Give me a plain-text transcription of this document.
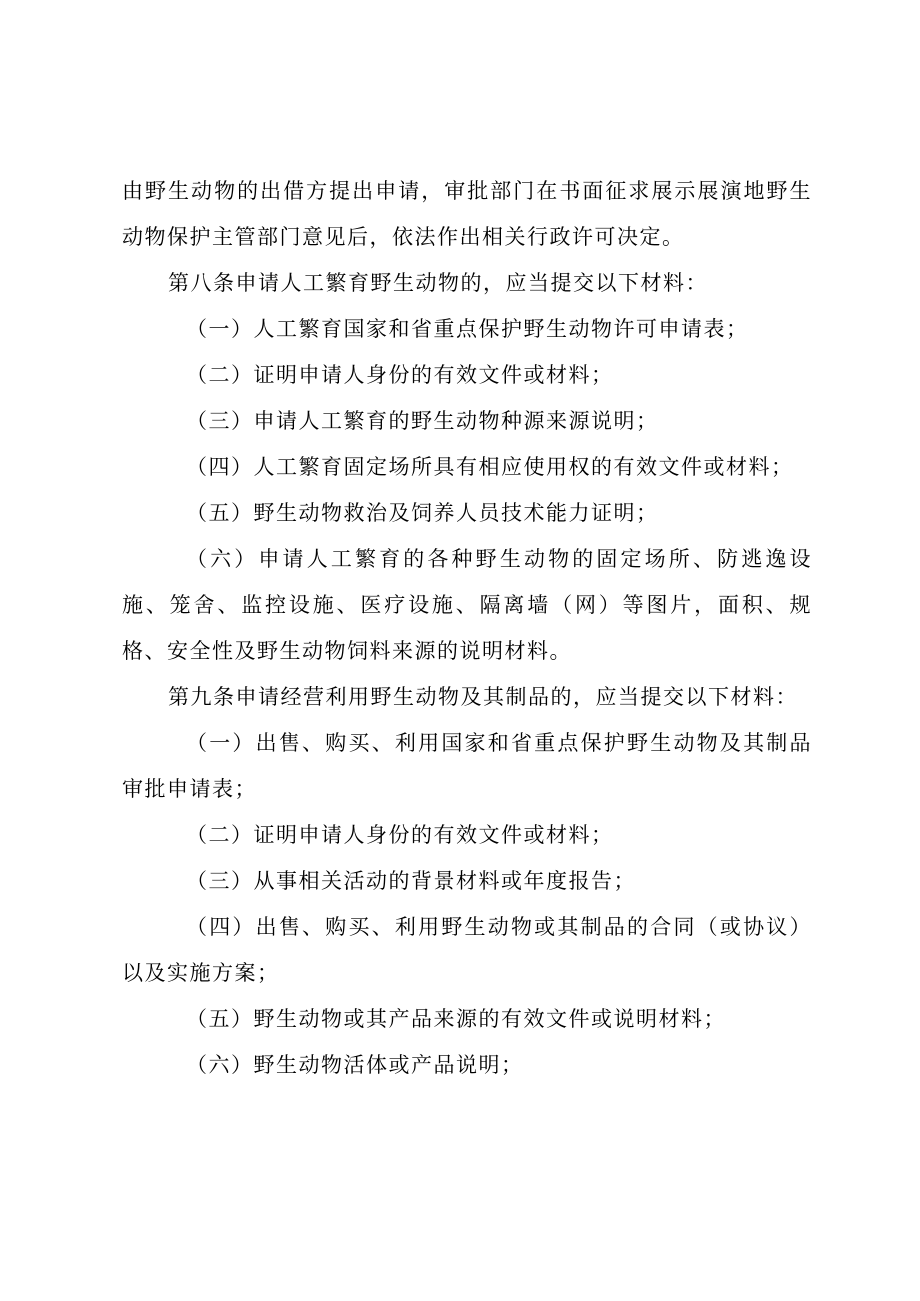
由野生动物的出借方提出申请，审批部门在书面征求展示展演地野生动物保护主管部门意见后，依法作出相关行政许可决定。

第八条申请人工繁育野生动物的，应当提交以下材料：

（一）人工繁育国家和省重点保护野生动物许可申请表；

（二）证明申请人身份的有效文件或材料；

（三）申请人工繁育的野生动物种源来源说明；

（四）人工繁育固定场所具有相应使用权的有效文件或材料；

（五）野生动物救治及饲养人员技术能力证明；

（六）申请人工繁育的各种野生动物的固定场所、防逃逸设施、笼舍、监控设施、医疗设施、隔离墙（网）等图片，面积、规格、安全性及野生动物饲料来源的说明材料。

第九条申请经营利用野生动物及其制品的，应当提交以下材料：

（一）出售、购买、利用国家和省重点保护野生动物及其制品审批申请表；

（二）证明申请人身份的有效文件或材料；

（三）从事相关活动的背景材料或年度报告；

（四）出售、购买、利用野生动物或其制品的合同（或协议）以及实施方案；

（五）野生动物或其产品来源的有效文件或说明材料；

（六）野生动物活体或产品说明；
